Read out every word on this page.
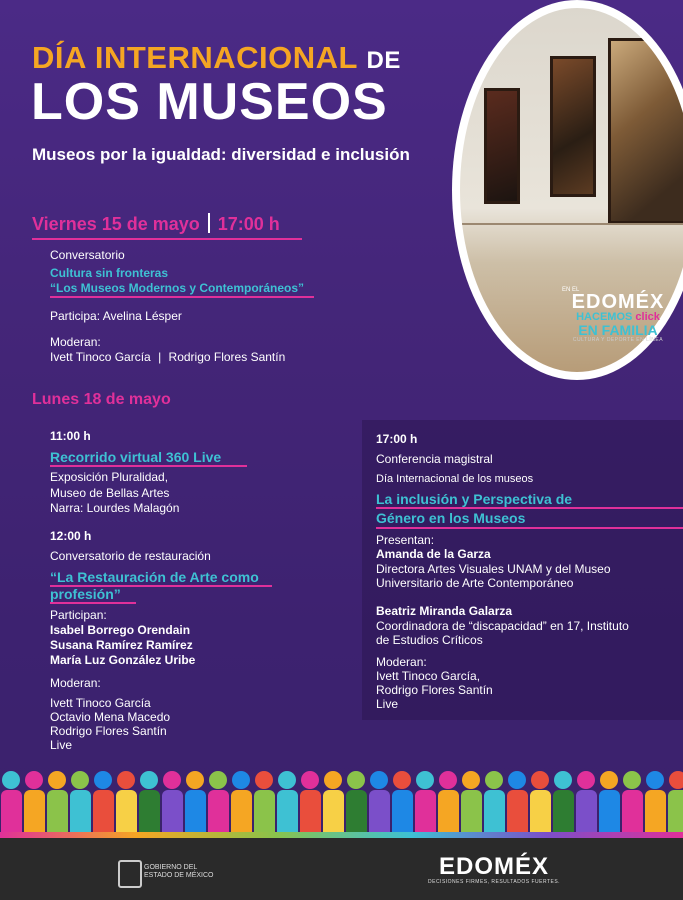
DÍA INTERNACIONAL DE
LOS MUSEOS
Museos por la igualdad: diversidad e inclusión
EN EL
EDOMÉX
HACEMOS click
EN FAMILIA
CULTURA Y DEPORTE EN LÍNEA
Viernes 15 de mayo 17:00 h
Conversatorio
Cultura sin fronteras
“Los Museos Modernos y Contemporáneos”
Participa: Avelina Lésper
Moderan:
Ivett Tinoco García | Rodrigo Flores Santín
Lunes 18 de mayo
11:00 h
Recorrido virtual 360 Live
Exposición Pluralidad,
Museo de Bellas Artes
Narra: Lourdes Malagón
12:00 h
Conversatorio de restauración
“La Restauración de Arte como
profesión”
Participan:
Isabel Borrego Orendain
Susana Ramírez Ramírez
María Luz González Uribe
Moderan:
Ivett Tinoco García
Octavio Mena Macedo
Rodrigo Flores Santín
Live
17:00 h
Conferencia magistral
Día Internacional de los museos
La inclusión y Perspectiva de
Género en los Museos
Presentan:
Amanda de la Garza
Directora Artes Visuales UNAM y del Museo
Universitario de Arte Contemporáneo
Beatriz Miranda Galarza
Coordinadora de “discapacidad” en 17, Instituto
de Estudios Críticos
Moderan:
Ivett Tinoco García,
Rodrigo Flores Santín
Live
GOBIERNO DEL
ESTADO DE MÉXICO	EDOMÉX
DECISIONES FIRMES, RESULTADOS FUERTES.
